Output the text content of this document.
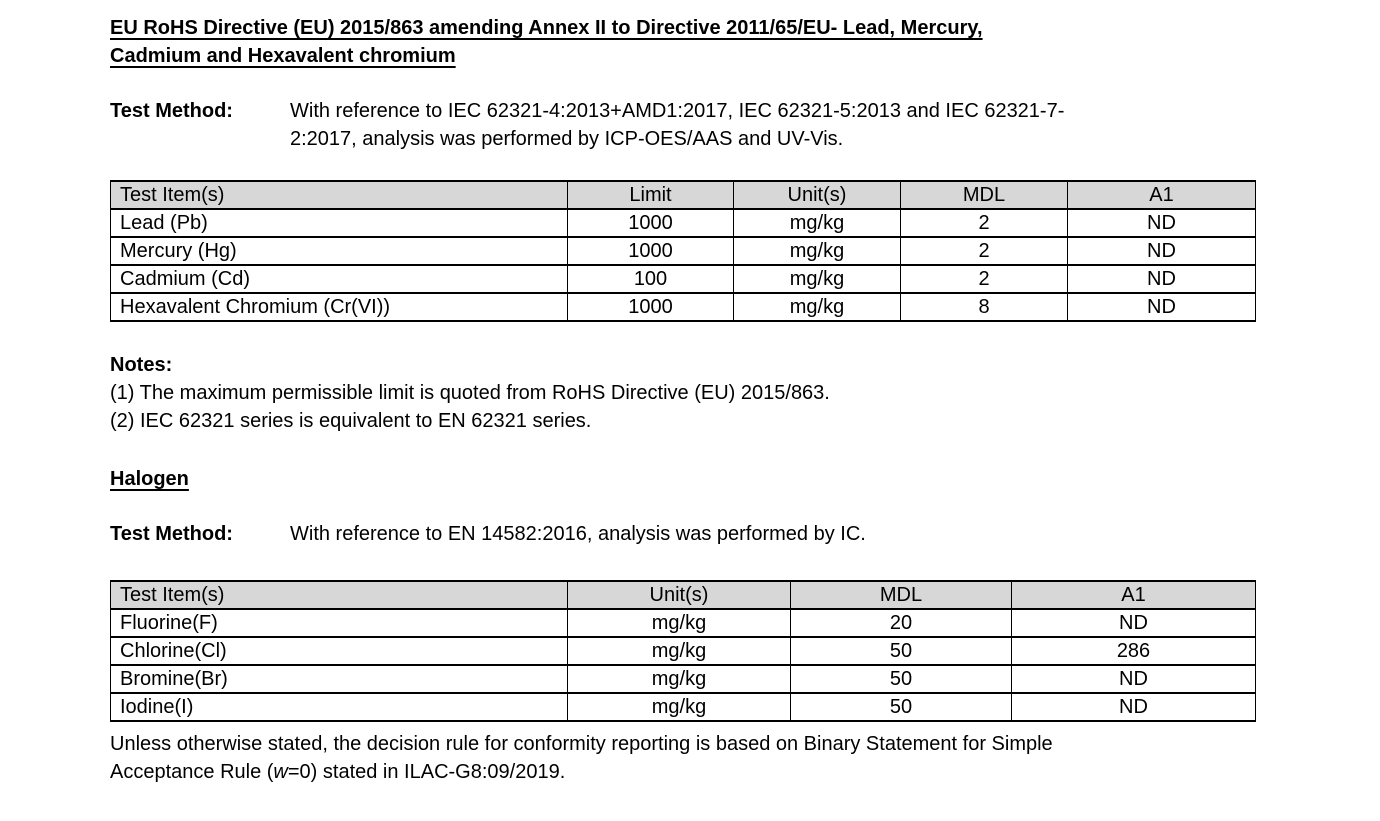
EU RoHS Directive (EU) 2015/863 amending Annex II to Directive 2011/65/EU- Lead, Mercury,
Cadmium and Hexavalent chromium
Test Method:	With reference to IEC 62321-4:2013+AMD1:2017, IEC 62321-5:2013 and IEC 62321-7-
2:2017, analysis was performed by ICP-OES/AAS and UV-Vis.
Test Item(s)	Limit	Unit(s)	MDL	A1
Lead (Pb)	1000	mg/kg	2	ND
Mercury (Hg)	1000	mg/kg	2	ND
Cadmium (Cd)	100	mg/kg	2	ND
Hexavalent Chromium (Cr(VI))	1000	mg/kg	8	ND
Notes:
(1) The maximum permissible limit is quoted from RoHS Directive (EU) 2015/863.
(2) IEC 62321 series is equivalent to EN 62321 series.
Halogen
Test Method:	With reference to EN 14582:2016, analysis was performed by IC.
Test Item(s)	Unit(s)	MDL	A1
Fluorine(F)	mg/kg	20	ND
Chlorine(Cl)	mg/kg	50	286
Bromine(Br)	mg/kg	50	ND
Iodine(I)	mg/kg	50	ND

Unless otherwise stated, the decision rule for conformity reporting is based on Binary Statement for Simple
Acceptance Rule (w=0) stated in ILAC-G8:09/2019.
